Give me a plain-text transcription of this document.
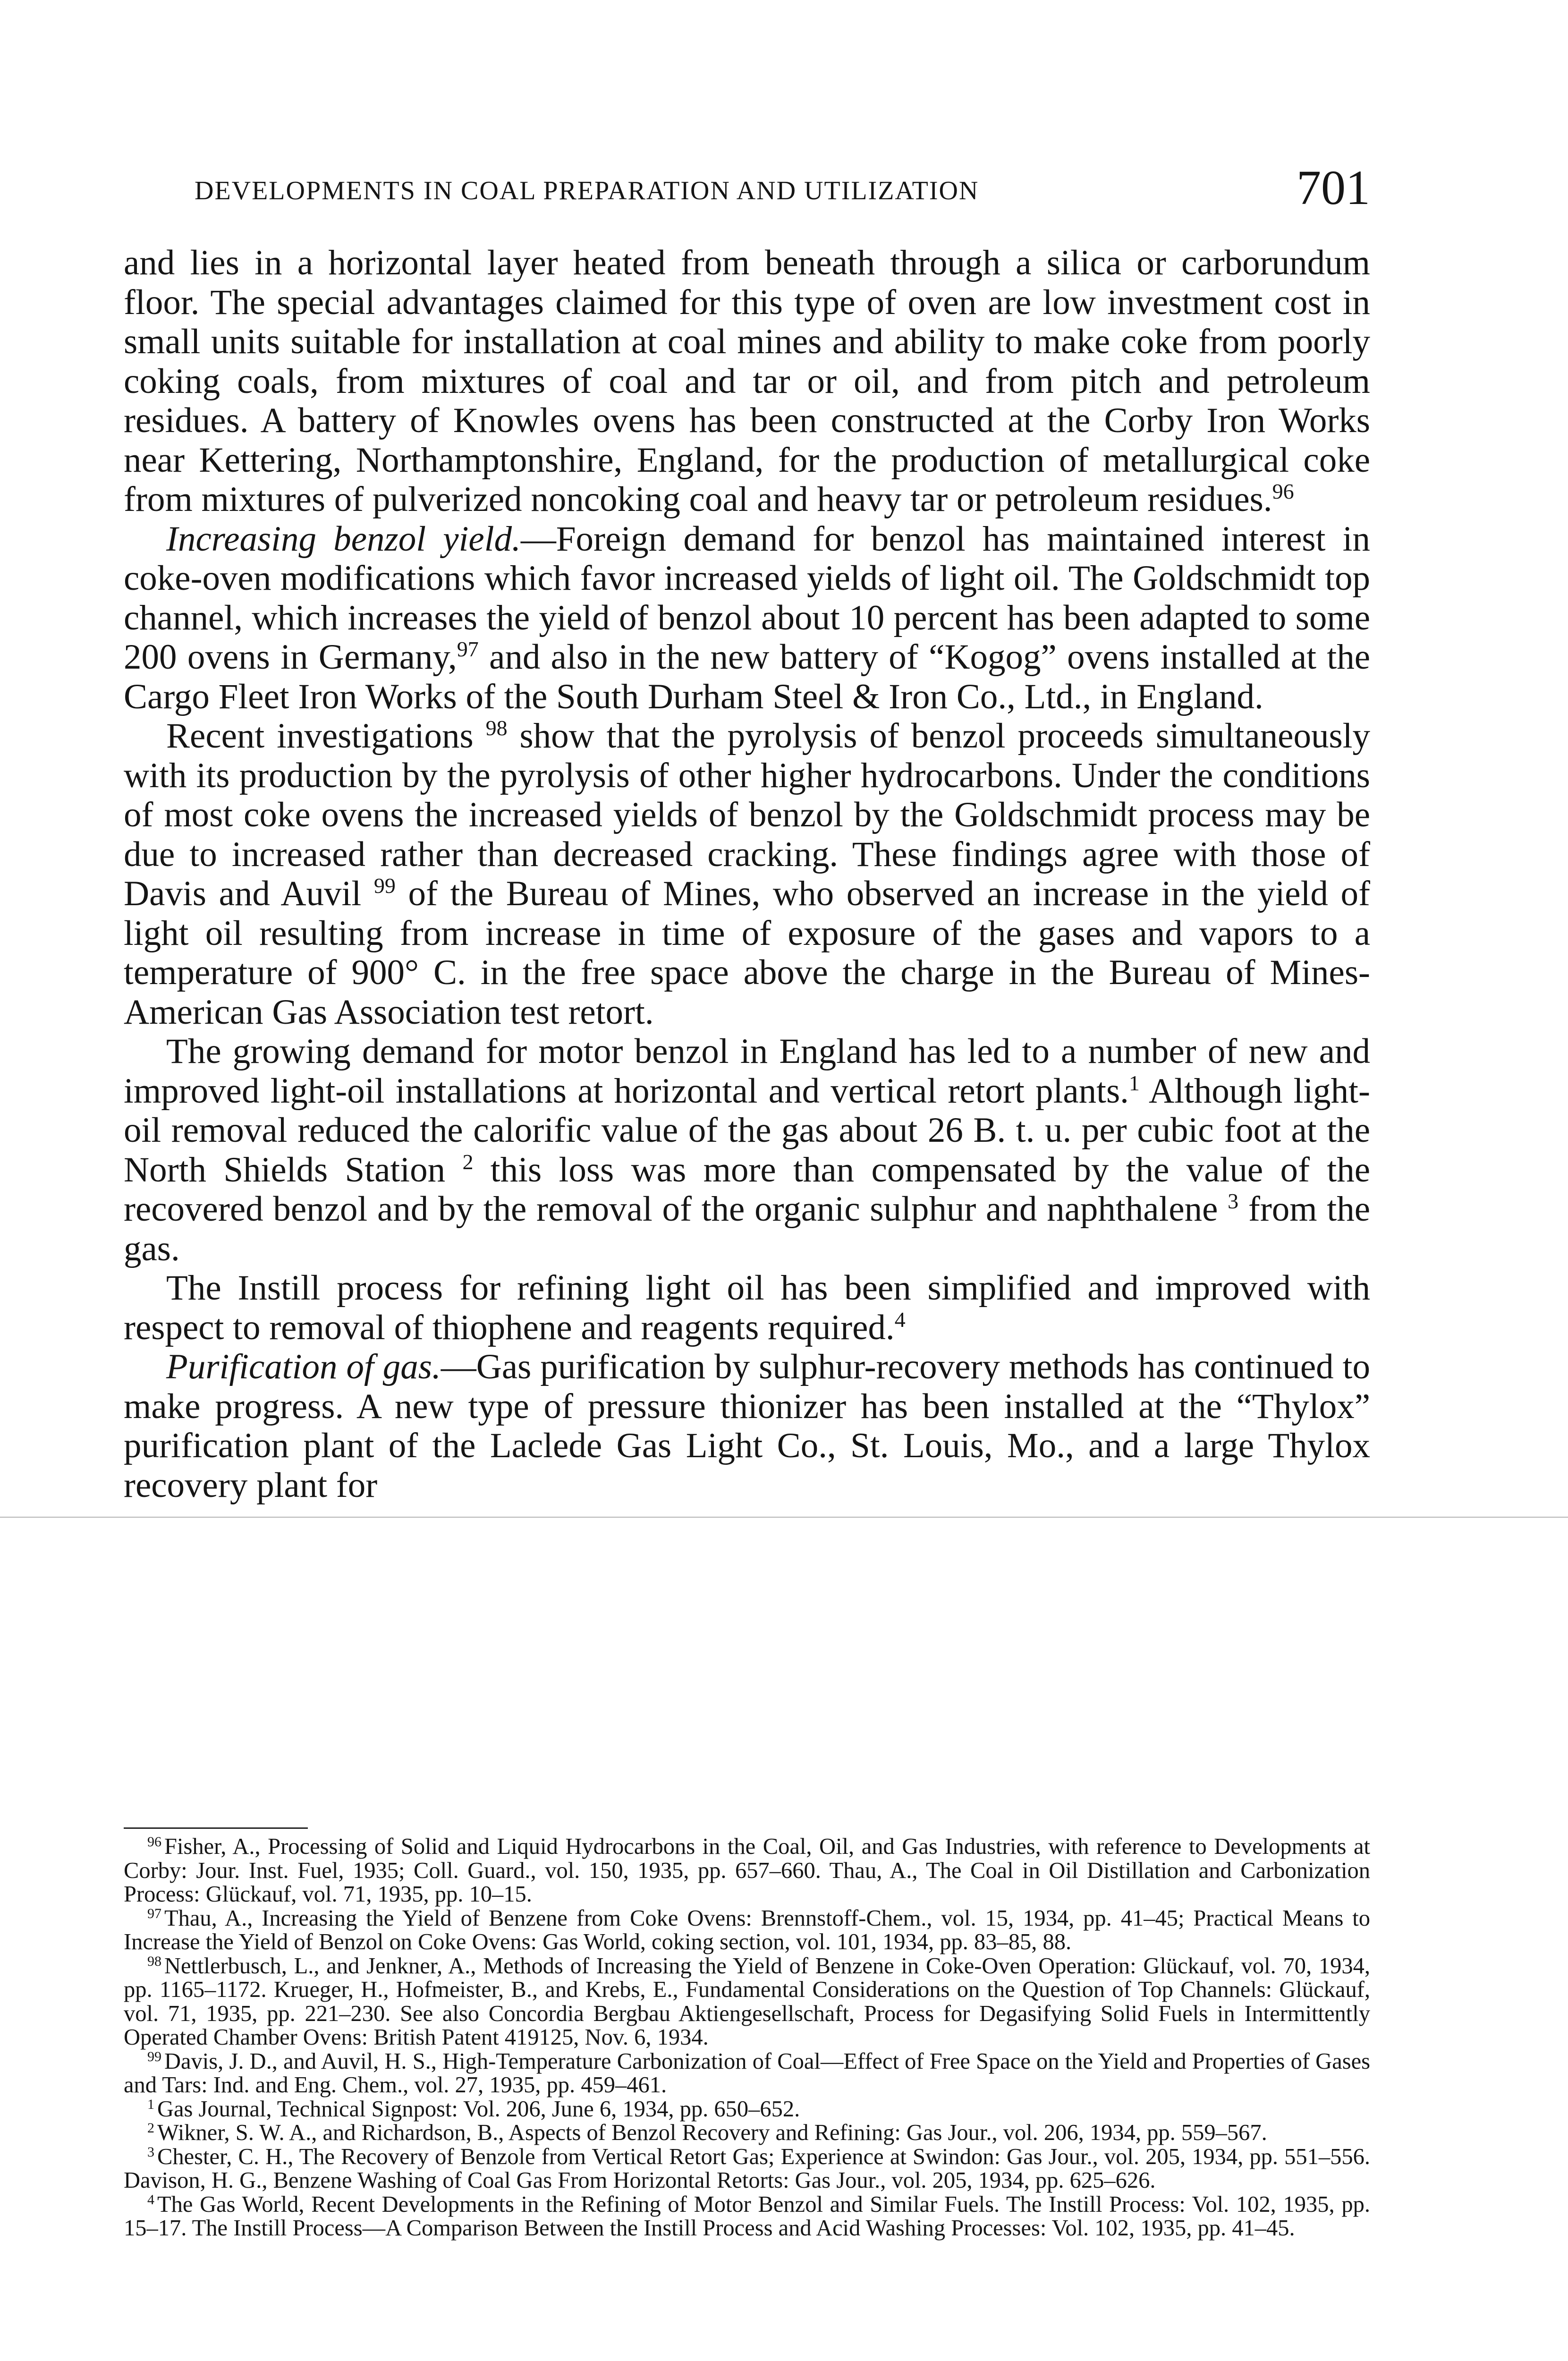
DEVELOPMENTS IN COAL PREPARATION AND UTILIZATION	701

and lies in a horizontal layer heated from beneath through a silica or carborundum floor. The special advantages claimed for this type of oven are low investment cost in small units suitable for installation at coal mines and ability to make coke from poorly coking coals, from mixtures of coal and tar or oil, and from pitch and petroleum residues. A battery of Knowles ovens has been constructed at the Corby Iron Works near Kettering, Northamptonshire, England, for the production of metallurgical coke from mixtures of pulverized noncoking coal and heavy tar or petroleum residues.$^{96}$

Increasing benzol yield.—Foreign demand for benzol has maintained interest in coke-oven modifications which favor increased yields of light oil. The Goldschmidt top channel, which increases the yield of benzol about 10 percent has been adapted to some 200 ovens in Germany,$^{97}$ and also in the new battery of “Kogog” ovens installed at the Cargo Fleet Iron Works of the South Durham Steel & Iron Co., Ltd., in England.

Recent investigations $^{98}$ show that the pyrolysis of benzol proceeds simultaneously with its production by the pyrolysis of other higher hydrocarbons. Under the conditions of most coke ovens the increased yields of benzol by the Goldschmidt process may be due to increased rather than decreased cracking. These findings agree with those of Davis and Auvil $^{99}$ of the Bureau of Mines, who observed an increase in the yield of light oil resulting from increase in time of exposure of the gases and vapors to a temperature of 900° C. in the free space above the charge in the Bureau of Mines-American Gas Association test retort.

The growing demand for motor benzol in England has led to a number of new and improved light-oil installations at horizontal and vertical retort plants.$^1$ Although light-oil removal reduced the calorific value of the gas about 26 B. t. u. per cubic foot at the North Shields Station $^2$ this loss was more than compensated by the value of the recovered benzol and by the removal of the organic sulphur and naphthalene $^3$ from the gas.

The Instill process for refining light oil has been simplified and improved with respect to removal of thiophene and reagents required.$^4$

Purification of gas.—Gas purification by sulphur-recovery methods has continued to make progress. A new type of pressure thionizer has been installed at the “Thylox” purification plant of the Laclede Gas Light Co., St. Louis, Mo., and a large Thylox recovery plant for

$^{96}$ Fisher, A., Processing of Solid and Liquid Hydrocarbons in the Coal, Oil, and Gas Industries, with reference to Developments at Corby: Jour. Inst. Fuel, 1935; Coll. Guard., vol. 150, 1935, pp. 657–660. Thau, A., The Coal in Oil Distillation and Carbonization Process: Glückauf, vol. 71, 1935, pp. 10–15.

$^{97}$ Thau, A., Increasing the Yield of Benzene from Coke Ovens: Brennstoff-Chem., vol. 15, 1934, pp. 41–45; Practical Means to Increase the Yield of Benzol on Coke Ovens: Gas World, coking section, vol. 101, 1934, pp. 83–85, 88.

$^{98}$ Nettlerbusch, L., and Jenkner, A., Methods of Increasing the Yield of Benzene in Coke-Oven Operation: Glückauf, vol. 70, 1934, pp. 1165–1172. Krueger, H., Hofmeister, B., and Krebs, E., Fundamental Considerations on the Question of Top Channels: Glückauf, vol. 71, 1935, pp. 221–230. See also Concordia Bergbau Aktiengesellschaft, Process for Degasifying Solid Fuels in Intermittently Operated Chamber Ovens: British Patent 419125, Nov. 6, 1934.

$^{99}$ Davis, J. D., and Auvil, H. S., High-Temperature Carbonization of Coal—Effect of Free Space on the Yield and Properties of Gases and Tars: Ind. and Eng. Chem., vol. 27, 1935, pp. 459–461.

$^1$ Gas Journal, Technical Signpost: Vol. 206, June 6, 1934, pp. 650–652.

$^2$ Wikner, S. W. A., and Richardson, B., Aspects of Benzol Recovery and Refining: Gas Jour., vol. 206, 1934, pp. 559–567.

$^3$ Chester, C. H., The Recovery of Benzole from Vertical Retort Gas; Experience at Swindon: Gas Jour., vol. 205, 1934, pp. 551–556. Davison, H. G., Benzene Washing of Coal Gas From Horizontal Retorts: Gas Jour., vol. 205, 1934, pp. 625–626.

$^4$ The Gas World, Recent Developments in the Refining of Motor Benzol and Similar Fuels. The Instill Process: Vol. 102, 1935, pp. 15–17. The Instill Process—A Comparison Between the Instill Process and Acid Washing Processes: Vol. 102, 1935, pp. 41–45.
